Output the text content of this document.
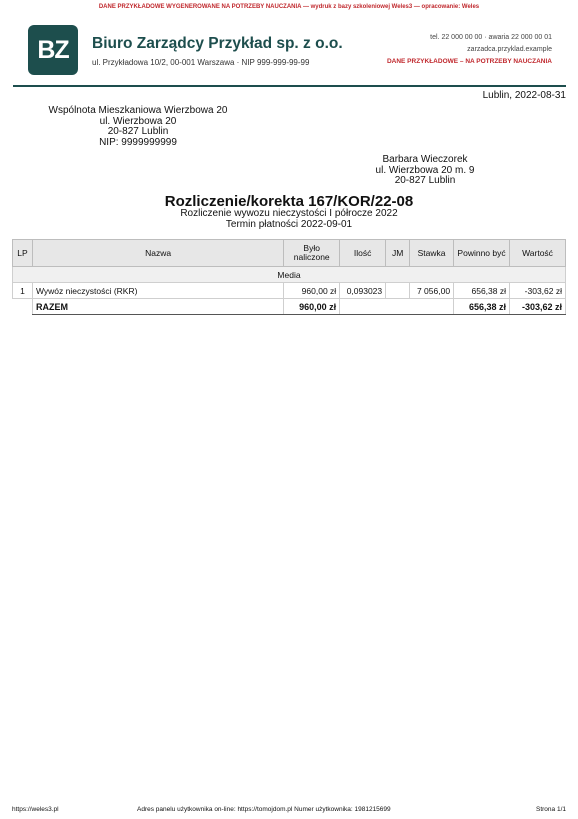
DANE PRZYKŁADOWE WYGENEROWANE NA POTRZEBY NAUCZANIA — wydruk z bazy szkoleniowej Weles3 — opracowanie: Weles
BZ	Biuro Zarządcy Przykład sp. z o.o.
ul. Przykładowa 10/2, 00-001 Warszawa · NIP 999-999-99-99
tel. 22 000 00 00 · awaria 22 000 00 01
zarzadca.przyklad.example
DANE PRZYKŁADOWE – NA POTRZEBY NAUCZANIA
Lublin, 2022-08-31
Wspólnota Mieszkaniowa Wierzbowa 20
ul. Wierzbowa 20
20-827 Lublin
NIP: 9999999999
Barbara Wieczorek
ul. Wierzbowa 20 m. 9
20-827 Lublin
Rozliczenie/korekta 167/KOR/22-08
Rozliczenie wywozu nieczystości I półrocze 2022
Termin płatności 2022-09-01
LP	Nazwa	Było naliczone	Ilość	JM	Stawka	Powinno być	Wartość
Media							
1	Wywóz nieczystości (RKR)	960,00 zł	0,093023		7 056,00	656,38 zł	-303,62 zł
	RAZEM	960,00 zł				656,38 zł	-303,62 zł
https://weles3.pl	Adres panelu użytkownika on-line: https://tomojdom.pl Numer użytkownika: 1981215699	Strona 1/1
